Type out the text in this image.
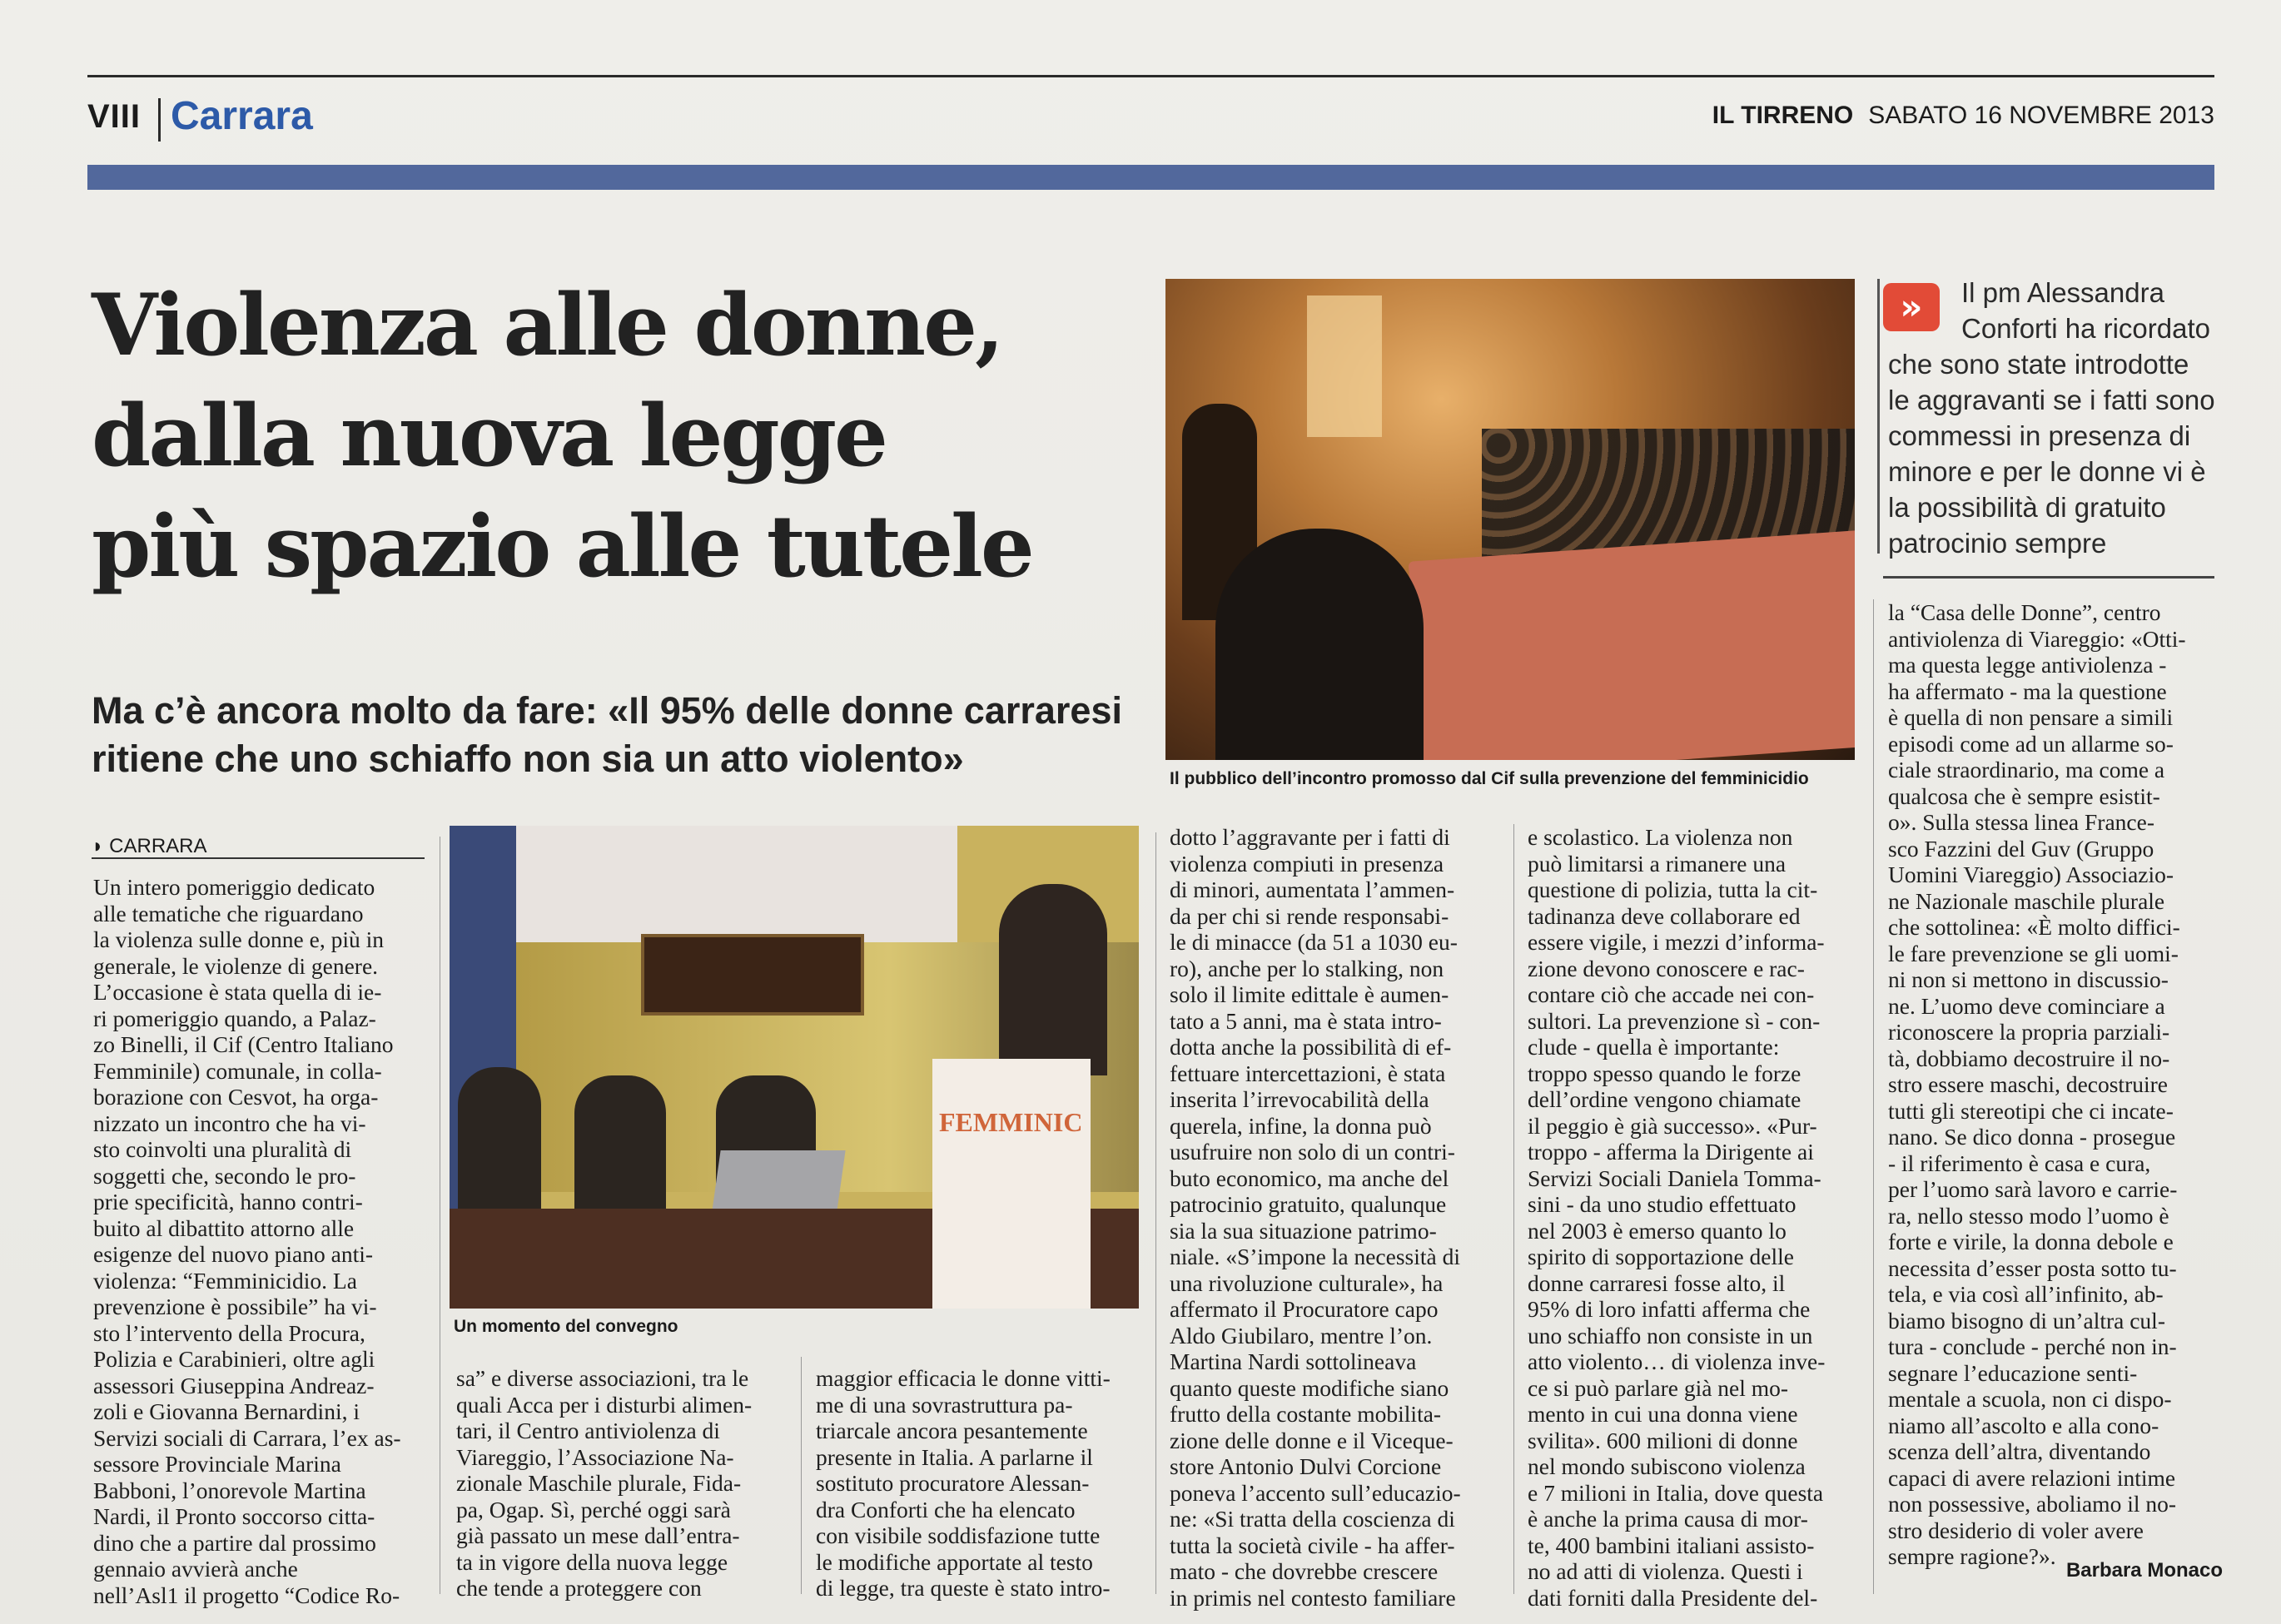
VIII Carrara	IL TIRRENO SABATO 16 NOVEMBRE 2013
Violenza alle donne,
dalla nuova legge
più spazio alle tutele
Ma c’è ancora molto da fare: «Il 95% delle donne carraresi
ritiene che uno schiaffo non sia un atto violento»	Il pubblico dell’incontro promosso dal Cif sulla prevenzione del femminicidio
»	Il pm Alessandra
Conforti ha ricordato
che sono state introdotte
le aggravanti se i fatti sono
commessi in presenza di
minore e per le donne vi è
la possibilità di gratuito
patrocinio sempre

◗ CARRARA
FEMMINIC
Un momento del convegno
Un intero pomeriggio dedicato
alle tematiche che riguardano
la violenza sulle donne e, più in
generale, le violenze di genere.
L’occasione è stata quella di ie-
ri pomeriggio quando, a Palaz-
zo Binelli, il Cif (Centro Italiano
Femminile) comunale, in colla-
borazione con Cesvot, ha orga-
nizzato un incontro che ha vi-
sto coinvolti una pluralità di
soggetti che, secondo le pro-
prie specificità, hanno contri-
buito al dibattito attorno alle
esigenze del nuovo piano anti-
violenza: “Femminicidio. La
prevenzione è possibile” ha vi-
sto l’intervento della Procura,
Polizia e Carabinieri, oltre agli
assessori Giuseppina Andreaz-
zoli e Giovanna Bernardini, i
Servizi sociali di Carrara, l’ex as-
sessore Provinciale Marina
Babboni, l’onorevole Martina
Nardi, il Pronto soccorso citta-
dino che a partire dal prossimo
gennaio avvierà anche
nell’Asl1 il progetto “Codice Ro-
sa” e diverse associazioni, tra le
quali Acca per i disturbi alimen-
tari, il Centro antiviolenza di
Viareggio, l’Associazione Na-
zionale Maschile plurale, Fida-
pa, Ogap. Sì, perché oggi sarà
già passato un mese dall’entra-
ta in vigore della nuova legge
che tende a proteggere con
maggior efficacia le donne vitti-
me di una sovrastruttura pa-
triarcale ancora pesantemente
presente in Italia. A parlarne il
sostituto procuratore Alessan-
dra Conforti che ha elencato
con visibile soddisfazione tutte
le modifiche apportate al testo
di legge, tra queste è stato intro-
dotto l’aggravante per i fatti di
violenza compiuti in presenza
di minori, aumentata l’ammen-
da per chi si rende responsabi-
le di minacce (da 51 a 1030 eu-
ro), anche per lo stalking, non
solo il limite edittale è aumen-
tato a 5 anni, ma è stata intro-
dotta anche la possibilità di ef-
fettuare intercettazioni, è stata
inserita l’irrevocabilità della
querela, infine, la donna può
usufruire non solo di un contri-
buto economico, ma anche del
patrocinio gratuito, qualunque
sia la sua situazione patrimo-
niale. «S’impone la necessità di
una rivoluzione culturale», ha
affermato il Procuratore capo
Aldo Giubilaro, mentre l’on.
Martina Nardi sottolineava
quanto queste modifiche siano
frutto della costante mobilita-
zione delle donne e il Viceque-
store Antonio Dulvi Corcione
poneva l’accento sull’educazio-
ne: «Si tratta della coscienza di
tutta la società civile - ha affer-
mato - che dovrebbe crescere
in primis nel contesto familiare
e scolastico. La violenza non
può limitarsi a rimanere una
questione di polizia, tutta la cit-
tadinanza deve collaborare ed
essere vigile, i mezzi d’informa-
zione devono conoscere e rac-
contare ciò che accade nei con-
sultori. La prevenzione sì - con-
clude - quella è importante:
troppo spesso quando le forze
dell’ordine vengono chiamate
il peggio è già successo». «Pur-
troppo - afferma la Dirigente ai
Servizi Sociali Daniela Tomma-
sini - da uno studio effettuato
nel 2003 è emerso quanto lo
spirito di sopportazione delle
donne carraresi fosse alto, il
95% di loro infatti afferma che
uno schiaffo non consiste in un
atto violento… di violenza inve-
ce si può parlare già nel mo-
mento in cui una donna viene
svilita». 600 milioni di donne
nel mondo subiscono violenza
e 7 milioni in Italia, dove questa
è anche la prima causa di mor-
te, 400 bambini italiani assisto-
no ad atti di violenza. Questi i
dati forniti dalla Presidente del-
la “Casa delle Donne”, centro
antiviolenza di Viareggio: «Otti-
ma questa legge antiviolenza -
ha affermato - ma la questione
è quella di non pensare a simili
episodi come ad un allarme so-
ciale straordinario, ma come a
qualcosa che è sempre esistit-
o». Sulla stessa linea France-
sco Fazzini del Guv (Gruppo
Uomini Viareggio) Associazio-
ne Nazionale maschile plurale
che sottolinea: «È molto diffici-
le fare prevenzione se gli uomi-
ni non si mettono in discussio-
ne. L’uomo deve cominciare a
riconoscere la propria parziali-
tà, dobbiamo decostruire il no-
stro essere maschi, decostruire
tutti gli stereotipi che ci incate-
nano. Se dico donna - prosegue
- il riferimento è casa e cura,
per l’uomo sarà lavoro e carrie-
ra, nello stesso modo l’uomo è
forte e virile, la donna debole e
necessita d’esser posta sotto tu-
tela, e via così all’infinito, ab-
biamo bisogno di un’altra cul-
tura - conclude - perché non in-
segnare l’educazione senti-
mentale a scuola, non ci dispo-
niamo all’ascolto e alla cono-
scenza dell’altra, diventando
capaci di avere relazioni intime
non possessive, aboliamo il no-
stro desiderio di voler avere
sempre ragione?».
Barbara Monaco
